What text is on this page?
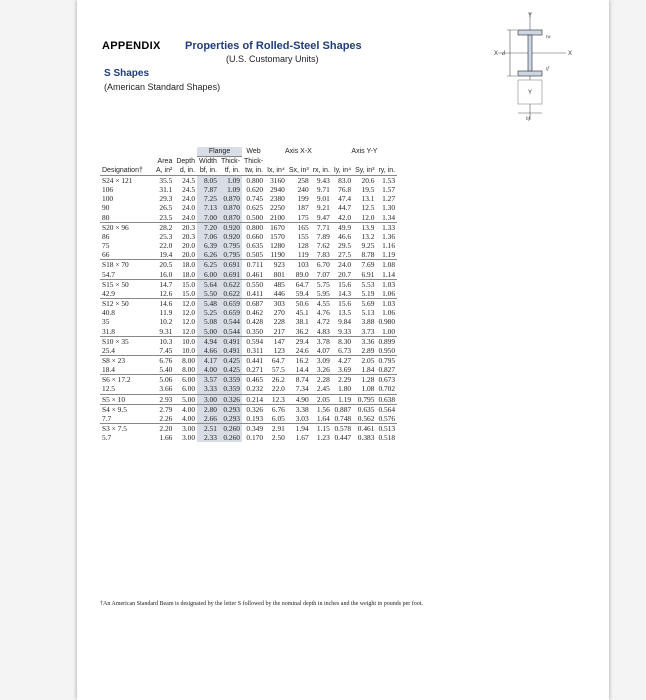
APPENDIX Properties of Rolled-Steel Shapes
(U.S. Customary Units)
S Shapes
(American Standard Shapes)
Y
X	X
Y
d
tw
tf
bf
			Flange		Web	Axis X-X			Axis Y-Y		
	Area	Depth	Width	Thick-	Thick-						
Designation†	A, in²	d, in.	bf, in.	tf, in.	tw, in.	Ix, in⁴	Sx, in³	rx, in.	Iy, in⁴	Sy, in³	ry, in.
S24 × 121	35.5	24.5	8.05	1.09	0.800	3160	258	9.43	83.0	20.6	1.53
106	31.1	24.5	7.87	1.09	0.620	2940	240	9.71	76.8	19.5	1.57
100	29.3	24.0	7.25	0.870	0.745	2380	199	9.01	47.4	13.1	1.27
90	26.5	24.0	7.13	0.870	0.625	2250	187	9.21	44.7	12.5	1.30
80	23.5	24.0	7.00	0.870	0.500	2100	175	9.47	42.0	12.0	1.34
S20 × 96	28.2	20.3	7.20	0.920	0.800	1670	165	7.71	49.9	13.9	1.33
86	25.3	20.3	7.06	0.920	0.660	1570	155	7.89	46.6	13.2	1.36
75	22.0	20.0	6.39	0.795	0.635	1280	128	7.62	29.5	9.25	1.16
66	19.4	20.0	6.26	0.795	0.505	1190	119	7.83	27.5	8.78	1.19
S18 × 70	20.5	18.0	6.25	0.691	0.711	923	103	6.70	24.0	7.69	1.08
54.7	16.0	18.0	6.00	0.691	0.461	801	89.0	7.07	20.7	6.91	1.14
S15 × 50	14.7	15.0	5.64	0.622	0.550	485	64.7	5.75	15.6	5.53	1.03
42.9	12.6	15.0	5.50	0.622	0.411	446	59.4	5.95	14.3	5.19	1.06
S12 × 50	14.6	12.0	5.48	0.659	0.687	303	50.6	4.55	15.6	5.69	1.03
40.8	11.9	12.0	5.25	0.659	0.462	270	45.1	4.76	13.5	5.13	1.06
35	10.2	12.0	5.08	0.544	0.428	228	38.1	4.72	9.84	3.88	0.980
31.8	9.31	12.0	5.00	0.544	0.350	217	36.2	4.83	9.33	3.73	1.00
S10 × 35	10.3	10.0	4.94	0.491	0.594	147	29.4	3.78	8.30	3.36	0.899
25.4	7.45	10.0	4.66	0.491	0.311	123	24.6	4.07	6.73	2.89	0.950
S8 × 23	6.76	8.00	4.17	0.425	0.441	64.7	16.2	3.09	4.27	2.05	0.795
18.4	5.40	8.00	4.00	0.425	0.271	57.5	14.4	3.26	3.69	1.84	0.827
S6 × 17.2	5.06	6.00	3.57	0.359	0.465	26.2	8.74	2.28	2.29	1.28	0.673
12.5	3.66	6.00	3.33	0.359	0.232	22.0	7.34	2.45	1.80	1.08	0.702
S5 × 10	2.93	5.00	3.00	0.326	0.214	12.3	4.90	2.05	1.19	0.795	0.638
S4 × 9.5	2.79	4.00	2.80	0.293	0.326	6.76	3.38	1.56	0.887	0.635	0.564
7.7	2.26	4.00	2.66	0.293	0.193	6.05	3.03	1.64	0.748	0.562	0.576
S3 × 7.5	2.20	3.00	2.51	0.260	0.349	2.91	1.94	1.15	0.578	0.461	0.513
5.7	1.66	3.00	2.33	0.260	0.170	2.50	1.67	1.23	0.447	0.383	0.518
†An American Standard Beam is designated by the letter S followed by the nominal depth in inches and the weight in pounds per foot.
